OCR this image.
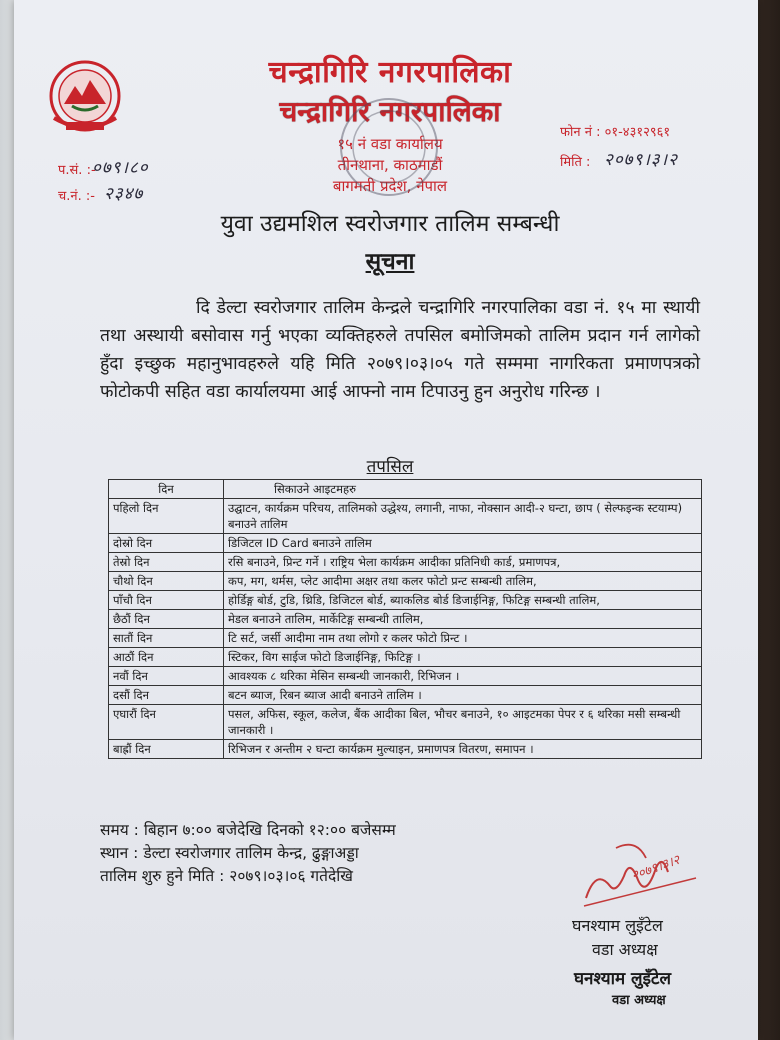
चन्द्रागिरि नगरपालिका
चन्द्रागिरि नगरपालिका
१५ नं वडा कार्यालय
तीनथाना, काठमाडौं
बागमती प्रदेश, नेपाल
फोन नं : ०१-४३१२९६१
मिति : २०७९।३।२
प.सं. :-
०७९।८०
च.नं. :- २३४७
युवा उद्यमशिल स्वरोजगार तालिम सम्बन्धी
सूचना
दि डेल्टा स्वरोजगार तालिम केन्द्रले चन्द्रागिरि नगरपालिका वडा नं. १५ मा स्थायी तथा अस्थायी बसोवास गर्नु भएका व्यक्तिहरुले तपसिल बमोजिमको तालिम प्रदान गर्न लागेको हुँदा इच्छुक महानुभावहरुले यहि मिति २०७९।०३।०५ गते सम्ममा नागरिकता प्रमाणपत्रको फोटोकपी सहित वडा कार्यालयमा आई आफ्नो नाम टिपाउनु हुन अनुरोध गरिन्छ ।
तपसिल
दिन	सिकाउने आइटमहरु
पहिलो दिन	उद्घाटन, कार्यक्रम परिचय, तालिमको उद्धेश्य, लगानी, नाफा, नोक्सान आदी-२ घन्टा, छाप ( सेल्फइन्क स्टयाम्प) बनाउने तालिम
दोस्रो दिन	डिजिटल ID Card बनाउने तालिम
तेस्रो दिन	रसि बनाउने, प्रिन्ट गर्ने । राष्ट्रिय भेला कार्यक्रम आदीका प्रतिनिधी कार्ड, प्रमाणपत्र,
चौथो दिन	कप, मग, थर्मस, प्लेट आदीमा अक्षर तथा कलर फोटो प्रन्ट सम्बन्धी तालिम,
पाँचौ दिन	होर्डिङ्ग बोर्ड, टुडि, थ्रिडि, डिजिटल बोर्ड, ब्याकलिड बोर्ड डिजाईनिङ्ग, फिटिङ्ग सम्बन्धी तालिम,
छैठौं दिन	मेडल बनाउने तालिम, मार्केटिङ्ग सम्बन्धी तालिम,
सातौं दिन	टि सर्ट, जर्सी आदीमा नाम तथा लोगो र कलर फोटो प्रिन्ट ।
आठौं दिन	स्टिकर, विग साईज फोटो डिजाईनिङ्ग, फिटिङ्ग ।
नवौं दिन	आवश्यक ८ थरिका मेसिन सम्बन्धी जानकारी, रिभिजन ।
दसौं दिन	बटन ब्याज, रिबन ब्याज आदी बनाउने तालिम ।
एघारौं दिन	पसल, अफिस, स्कूल, कलेज, बैंक आदीका बिल, भौचर बनाउने, १० आइटमका पेपर र ६ थरिका मसी सम्बन्धी जानकारी ।
बाह्रौं दिन	रिभिजन र अन्तीम २ घन्टा कार्यक्रम मुल्याइन, प्रमाणपत्र वितरण, समापन ।
समय : बिहान ७:०० बजेदेखि दिनको १२:०० बजेसम्म
स्थान : डेल्टा स्वरोजगार तालिम केन्द्र, ढुङ्गाअड्डा
तालिम शुरु हुने मिति : २०७९।०३।०६ गतेदेखि	२०७९।३।२
घनश्याम लुइँटेल
वडा अध्यक्ष
घनश्याम लुइँटेल
वडा अध्यक्ष
